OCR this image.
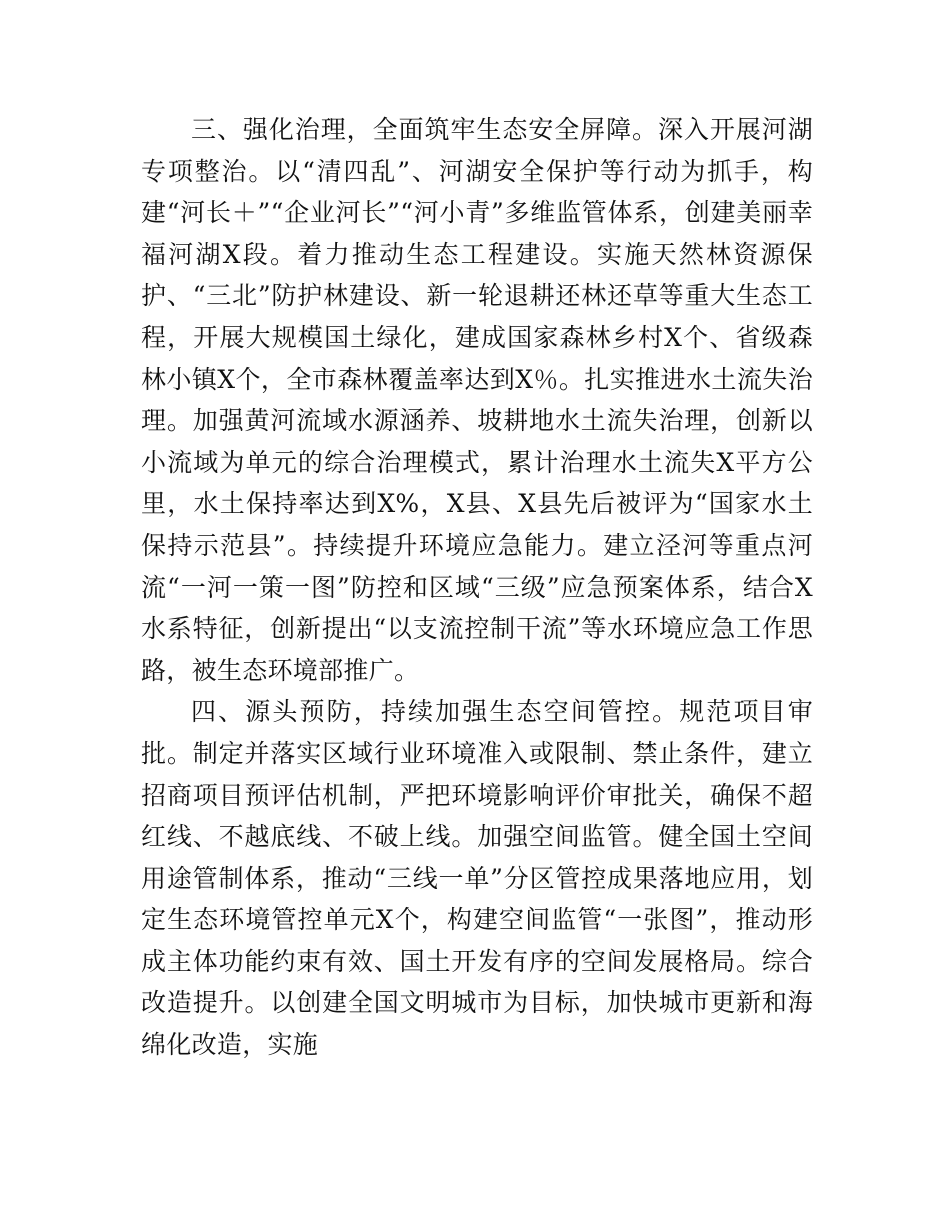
三、强化治理，全面筑牢生态安全屏障。深入开展河湖专项整治。以“清四乱”、河湖安全保护等行动为抓手，构建“河长＋”“企业河长”“河小青”多维监管体系，创建美丽幸福河湖X段。着力推动生态工程建设。实施天然林资源保护、“三北”防护林建设、新一轮退耕还林还草等重大生态工程，开展大规模国土绿化，建成国家森林乡村X个、省级森林小镇X个，全市森林覆盖率达到X％。扎实推进水土流失治理。加强黄河流域水源涵养、坡耕地水土流失治理，创新以小流域为单元的综合治理模式，累计治理水土流失X平方公里，水土保持率达到X%，X县、X县先后被评为“国家水土保持示范县”。持续提升环境应急能力。建立泾河等重点河流“一河一策一图”防控和区域“三级”应急预案体系，结合X水系特征，创新提出“以支流控制干流”等水环境应急工作思路，被生态环境部推广。

四、源头预防，持续加强生态空间管控。规范项目审批。制定并落实区域行业环境准入或限制、禁止条件，建立招商项目预评估机制，严把环境影响评价审批关，确保不超红线、不越底线、不破上线。加强空间监管。健全国土空间用途管制体系，推动“三线一单”分区管控成果落地应用，划定生态环境管控单元X个，构建空间监管“一张图”，推动形成主体功能约束有效、国土开发有序的空间发展格局。综合改造提升。以创建全国文明城市为目标，加快城市更新和海绵化改造，实施
